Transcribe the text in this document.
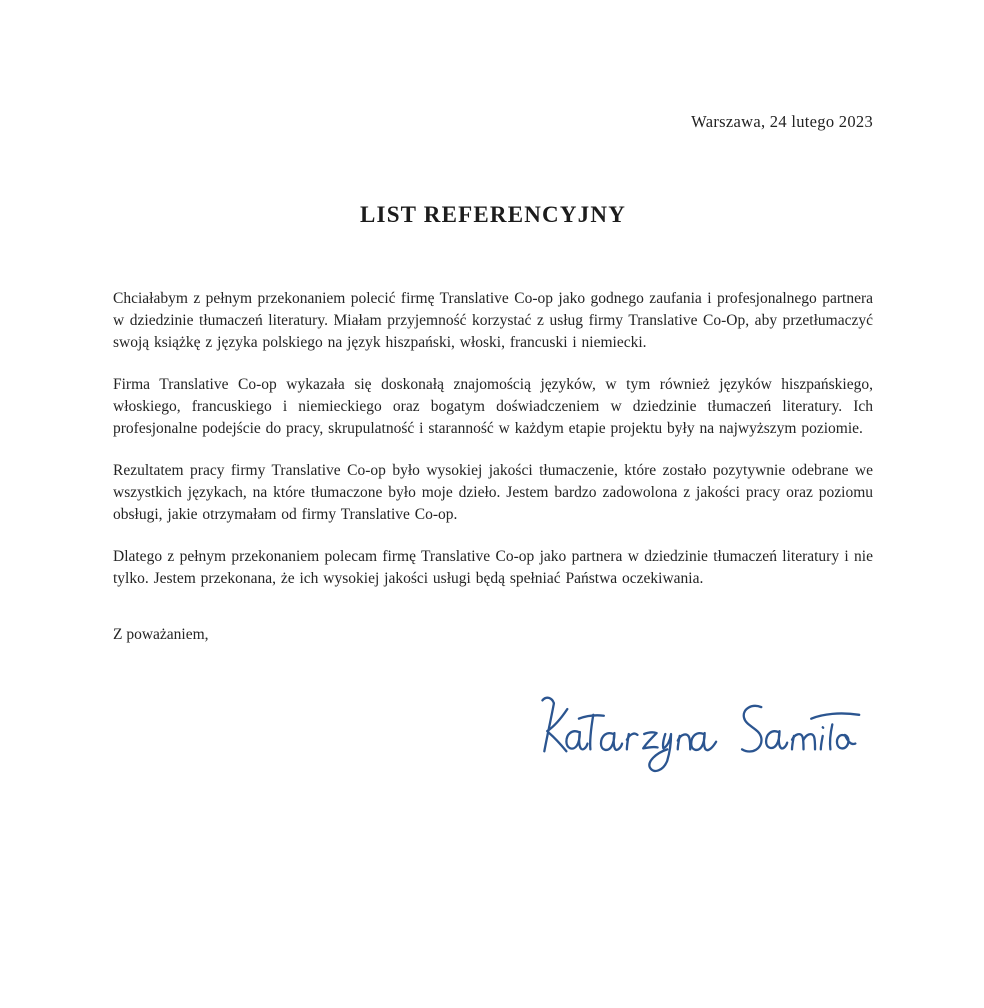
Warszawa, 24 lutego 2023
LIST REFERENCYJNY

Chciałabym z pełnym przekonaniem polecić firmę Translative Co-op jako godnego zaufania i profesjonalnego partnera w dziedzinie tłumaczeń literatury. Miałam przyjemność korzystać z usług firmy Translative Co-Op, aby przetłumaczyć swoją książkę z języka polskiego na język hiszpański, włoski, francuski i niemiecki.

Firma Translative Co-op wykazała się doskonałą znajomością języków, w tym również języków hiszpańskiego, włoskiego, francuskiego i niemieckiego oraz bogatym doświadczeniem w dziedzinie tłumaczeń literatury. Ich profesjonalne podejście do pracy, skrupulatność i staranność w każdym etapie projektu były na najwyższym poziomie.

Rezultatem pracy firmy Translative Co-op było wysokiej jakości tłumaczenie, które zostało pozytywnie odebrane we wszystkich językach, na które tłumaczone było moje dzieło. Jestem bardzo zadowolona z jakości pracy oraz poziomu obsługi, jakie otrzymałam od firmy Translative Co-op.

Dlatego z pełnym przekonaniem polecam firmę Translative Co-op jako partnera w dziedzinie tłumaczeń literatury i nie tylko. Jestem przekonana, że ich wysokiej jakości usługi będą spełniać Państwa oczekiwania.

Z poważaniem,
